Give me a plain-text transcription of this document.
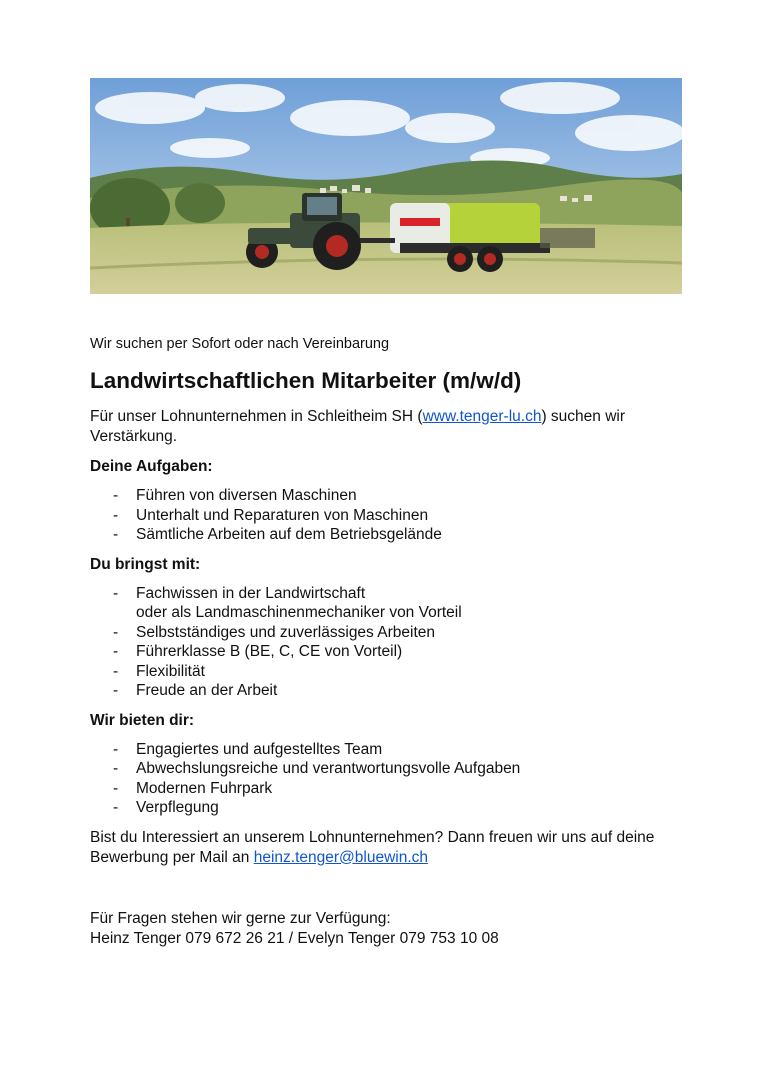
Wir suchen per Sofort oder nach Vereinbarung

Landwirtschaftlichen Mitarbeiter (m/w/d)

Für unser Lohnunternehmen in Schleitheim SH (www.tenger-lu.ch) suchen wir Verstärkung.

Deine Aufgaben:

- Führen von diversen Maschinen
- Unterhalt und Reparaturen von Maschinen
- Sämtliche Arbeiten auf dem Betriebsgelände

Du bringst mit:

- Fachwissen in der Landwirtschaft
oder als Landmaschinenmechaniker von Vorteil
- Selbstständiges und zuverlässiges Arbeiten
- Führerklasse B (BE, C, CE von Vorteil)
- Flexibilität
- Freude an der Arbeit

Wir bieten dir:

- Engagiertes und aufgestelltes Team
- Abwechslungsreiche und verantwortungsvolle Aufgaben
- Modernen Fuhrpark
- Verpflegung

Bist du Interessiert an unserem Lohnunternehmen? Dann freuen wir uns auf deine Bewerbung per Mail an heinz.tenger@bluewin.ch

Für Fragen stehen wir gerne zur Verfügung:

Heinz Tenger 079 672 26 21 / Evelyn Tenger 079 753 10 08
